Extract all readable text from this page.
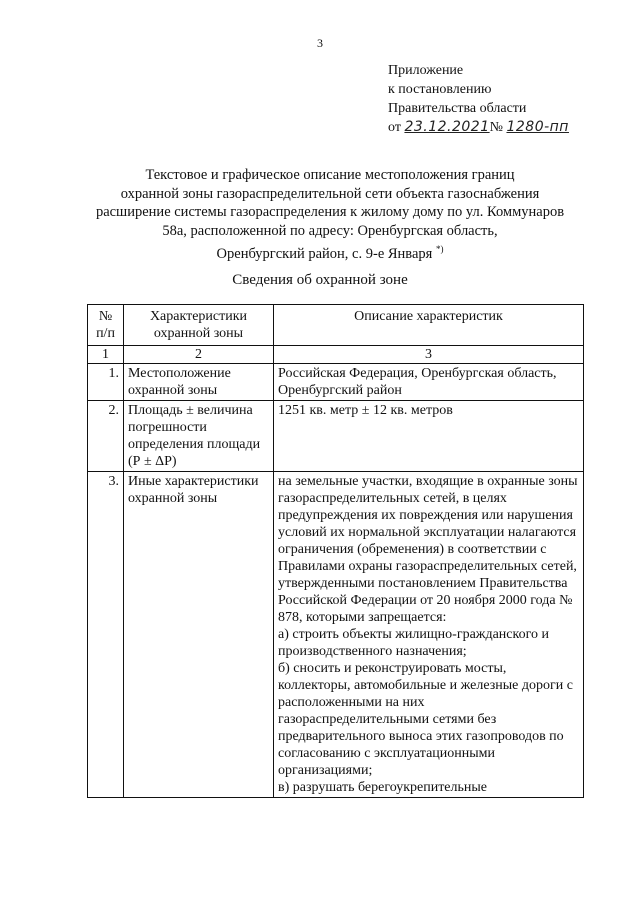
3
Приложение
к постановлению
Правительства области
от 23.12.2021№ 1280-пп
Текстовое и графическое описание местоположения границ
охранной зоны газораспределительной сети объекта газоснабжения
расширение системы газораспределения к жилому дому по ул. Коммунаров
58а, расположенной по адресу: Оренбургская область,
Оренбургский район, с. 9-е Января *)
Сведения об охранной зоне
№ п/п	Характеристики охранной зоны	Описание характеристик
1	2	3
1.	Местоположение охранной зоны	Российская Федерация, Оренбургская область, Оренбургский район
2.	Площадь ± величина погрешности определения площади (Р ± ΔР)	1251 кв. метр ± 12 кв. метров
3.	Иные характеристики охранной зоны	на земельные участки, входящие в охранные зоны газораспределительных сетей, в целях предупреждения их повреждения или нарушения условий их нормальной эксплуатации налагаются ограничения (обременения) в соответствии с Правилами охраны газораспределительных сетей, утвержденными постановлением Правительства Российской Федерации от 20 ноября 2000 года № 878, которыми запрещается:
а) строить объекты жилищно-гражданского и производственного назначения;
б) сносить и реконструировать мосты, коллекторы, автомобильные и железные дороги с расположенными на них газораспределительными сетями без предварительного выноса этих газопроводов по согласованию с эксплуатационными организациями;
в) разрушать берегоукрепительные
